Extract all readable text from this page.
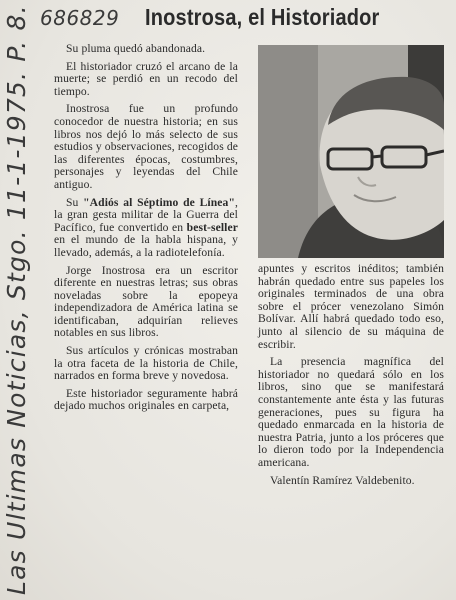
686829
Las Ultimas Noticias, Stgo. 11-1-1975. P. 8.	Inostrosa, el Historiador

Su pluma quedó abandonada.

El historiador cruzó el arcano de la muerte; se perdió en un recodo del tiempo.

Inostrosa fue un profundo conocedor de nuestra historia; en sus libros nos dejó lo más selecto de sus estudios y observaciones, recogidos de las diferentes épocas, costumbres, personajes y leyendas del Chile antiguo.

Su "Adiós al Séptimo de Línea", la gran gesta militar de la Guerra del Pacífico, fue convertido en best-seller en el mundo de la habla hispana, y llevado, además, a la radiotelefonía.

Jorge Inostrosa era un escritor diferente en nuestras letras; sus obras noveladas sobre la epopeya independizadora de América latina se identificaban, adquirían relieves notables en sus libros.

Sus artículos y crónicas mostraban la otra faceta de la historia de Chile, narrados en forma breve y novedosa.

Este historiador seguramente habrá dejado muchos originales en carpeta,

apuntes y escritos inéditos; también habrán quedado entre sus papeles los originales terminados de una obra sobre el prócer venezolano Simón Bolívar. Allí habrá quedado todo eso, junto al silencio de su máquina de escribir.

La presencia magnífica del historiador no quedará sólo en los libros, sino que se manifestará constantemente ante ésta y las futuras generaciones, pues su figura ha quedado enmarcada en la historia de nuestra Patria, junto a los próceres que lo dieron todo por la Independencia americana.

Valentín Ramírez Valdebenito.
